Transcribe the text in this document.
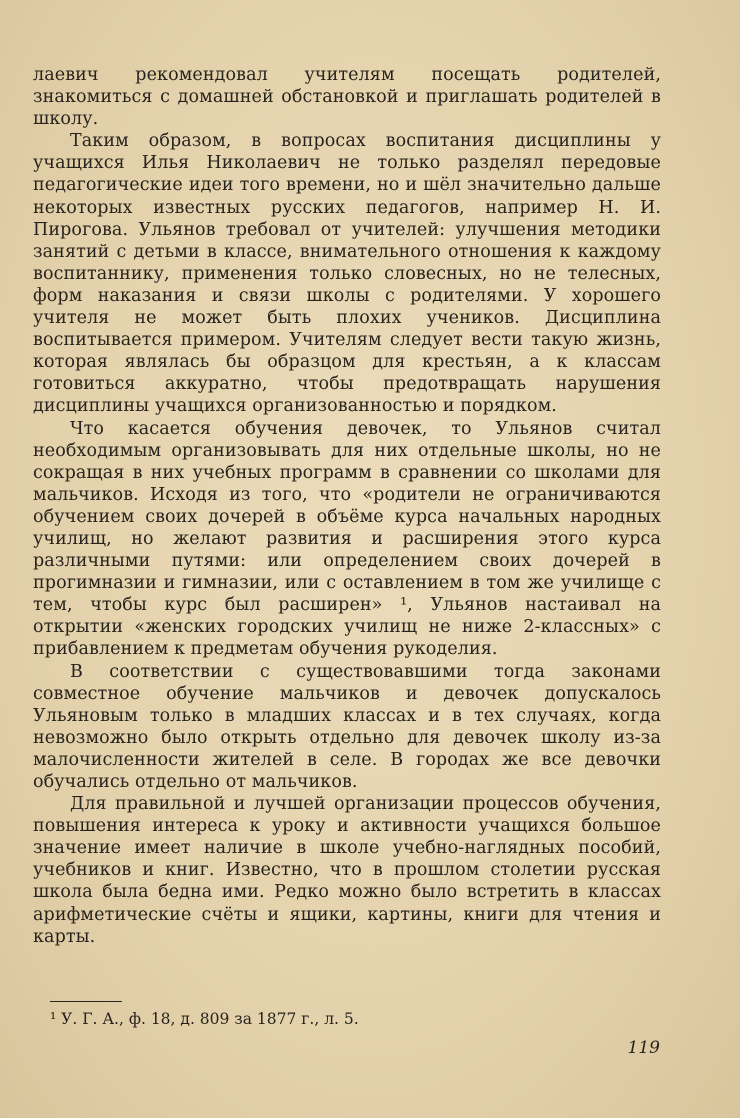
лаевич рекомендовал учителям посещать родителей, знакомиться с домашней обстановкой и приглашать родителей в школу.

Таким образом, в вопросах воспитания дисциплины у учащихся Илья Николаевич не только разделял передовые педагогические идеи того времени, но и шёл значительно дальше некоторых известных русских педагогов, например Н. И. Пирогова. Ульянов требовал от учителей: улучшения методики занятий с детьми в классе, внимательного отношения к каждому воспитаннику, применения только словесных, но не телесных, форм наказания и связи школы с родителями. У хорошего учителя не может быть плохих учеников. Дисциплина воспитывается примером. Учителям следует вести такую жизнь, которая являлась бы образцом для крестьян, а к классам готовиться аккуратно, чтобы предотвращать нарушения дисциплины учащихся организованностью и порядком.

Что касается обучения девочек, то Ульянов считал необходимым организовывать для них отдельные школы, но не сокращая в них учебных программ в сравнении со школами для мальчиков. Исходя из того, что «родители не ограничиваются обучением своих дочерей в объёме курса начальных народных училищ, но желают развития и расширения этого курса различными путями: или определением своих дочерей в прогимназии и гимназии, или с оставлением в том же училище с тем, чтобы курс был расширен» ¹, Ульянов настаивал на открытии «женских городских училищ не ниже 2-классных» с прибавлением к предметам обучения рукоделия.

В соответствии с существовавшими тогда законами совместное обучение мальчиков и девочек допускалось Ульяновым только в младших классах и в тех случаях, когда невозможно было открыть отдельно для девочек школу из-за малочисленности жителей в селе. В городах же все девочки обучались отдельно от мальчиков.

Для правильной и лучшей организации процессов обучения, повышения интереса к уроку и активности учащихся большое значение имеет наличие в школе учебно-наглядных пособий, учебников и книг. Известно, что в прошлом столетии русская школа была бедна ими. Редко можно было встретить в классах арифметические счёты и ящики, картины, книги для чтения и карты.

¹ У. Г. А., ф. 18, д. 809 за 1877 г., л. 5.
119
